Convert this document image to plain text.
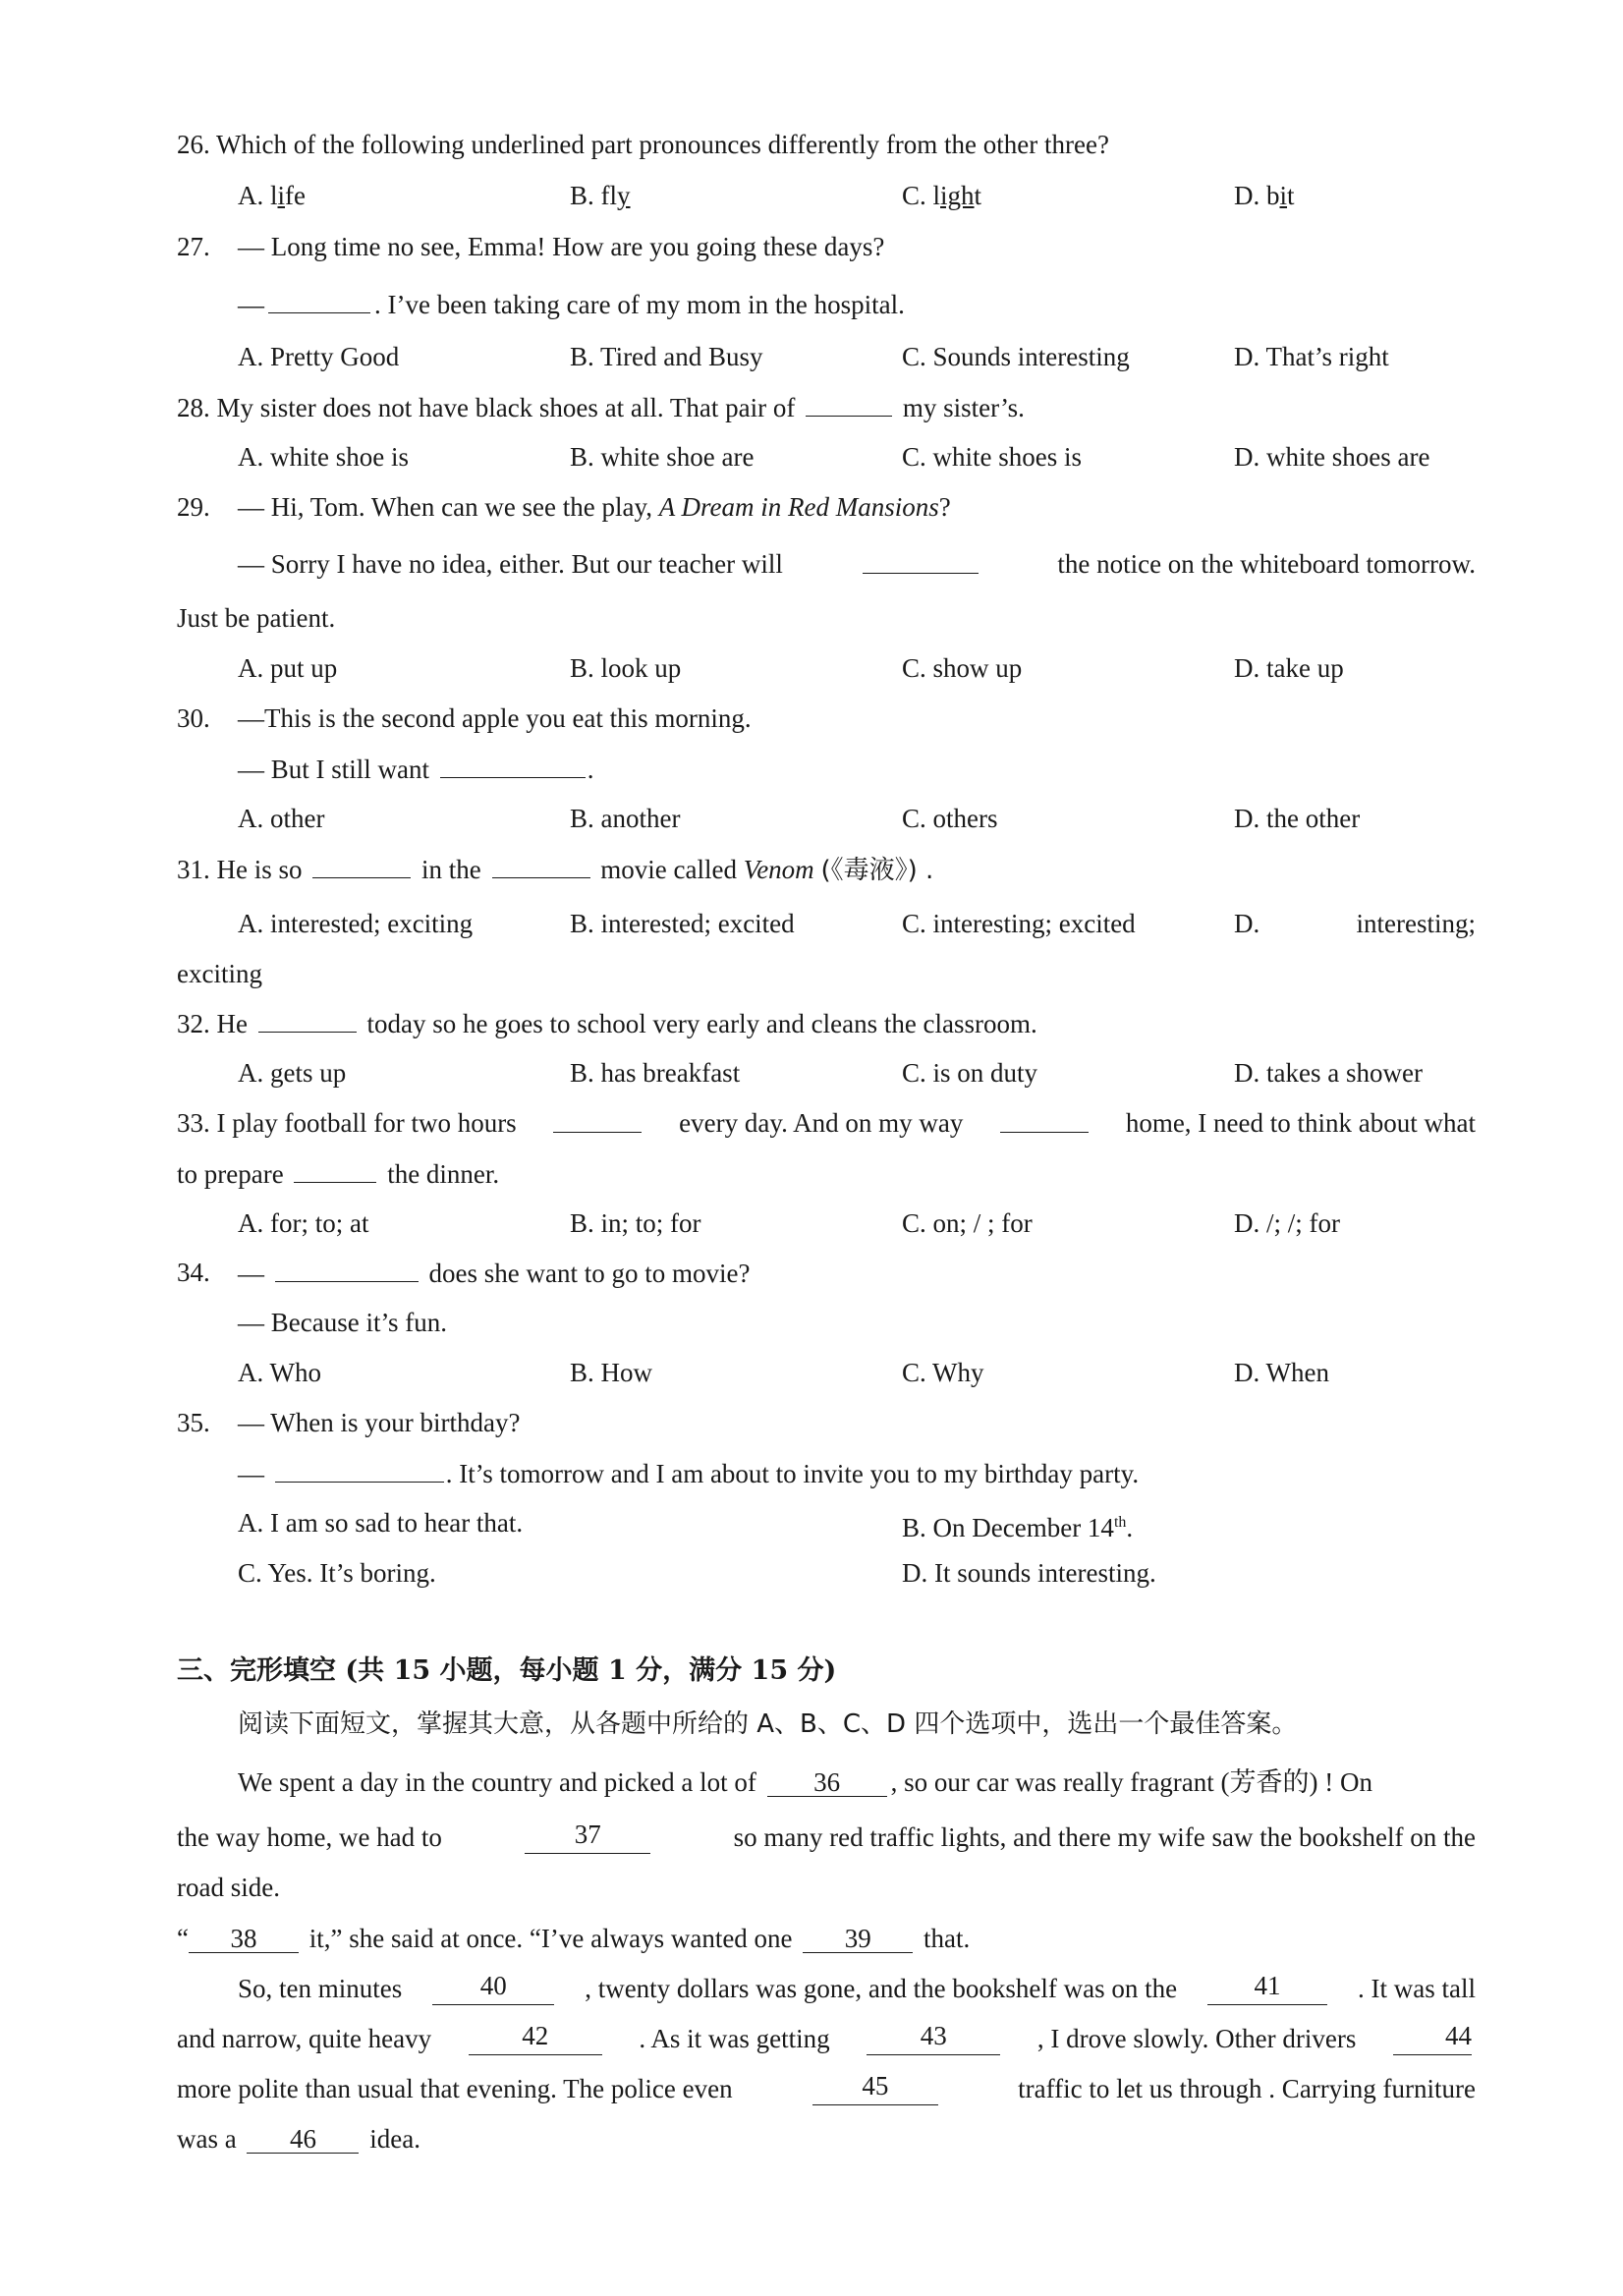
26. Which of the following underlined part pronounces differently from the other three?
A. life	B. fly	C. light	D. bit
27. — Long time no see, Emma! How are you going these days?
—	. I’ve been taking care of my mom in the hospital.
A. Pretty Good	B. Tired and Busy	C. Sounds interesting	D. That’s right
28. My sister does not have black shoes at all. That pair of	my sister’s.
A. white shoe is	B. white shoe are	C. white shoes is	D. white shoes are
29. — Hi, Tom. When can we see the play, A Dream in Red Mansions?
— Sorry I have no idea, either. But our teacher will	the notice on the whiteboard tomorrow.
Just be patient.
A. put up	B. look up	C. show up	D. take up
30. —This is the second apple you eat this morning.
— But I still want	.
A. other	B. another	C. others	D. the other
31. He is so	in the	movie called Venom (《毒液》) .
A. interested; exciting	B. interested; excited	C. interesting; excited	D.	interesting;
exciting
32. He	today so he goes to school very early and cleans the classroom.
A. gets up	B. has breakfast	C. is on duty	D. takes a shower
33. I play football for two hours	every day. And on my way	home, I need to think about what
to prepare	the dinner.
A. for; to; at	B. in; to; for	C. on; / ; for	D. /; /; for
34. —	does she want to go to movie?
— Because it’s fun.
A. Who	B. How	C. Why	D. When
35. — When is your birthday?
—	. It’s tomorrow and I am about to invite you to my birthday party.
A. I am so sad to hear that.	B. On December 14th.
C. Yes. It’s boring.	D. It sounds interesting.
三、完形填空 (共 15 小题，每小题 1 分，满分 15 分)
阅读下面短文，掌握其大意，从各题中所给的 A、B、C、D 四个选项中，选出一个最佳答案。
We spent a day in the country and picked a lot of 36 , so our car was really fragrant (芳香的) ! On
the way home, we had to	37	so many red traffic lights, and there my wife saw the bookshelf on the
road side.
“ 38 it,” she said at once. “I’ve always wanted one 39 that.
So, ten minutes	40	, twenty dollars was gone, and the bookshelf was on the	41	. It was tall
and narrow, quite heavy	42	. As it was getting	43	, I drove slowly. Other drivers	44
more polite than usual that evening. The police even	45	traffic to let us through . Carrying furniture
was a 46 idea.
